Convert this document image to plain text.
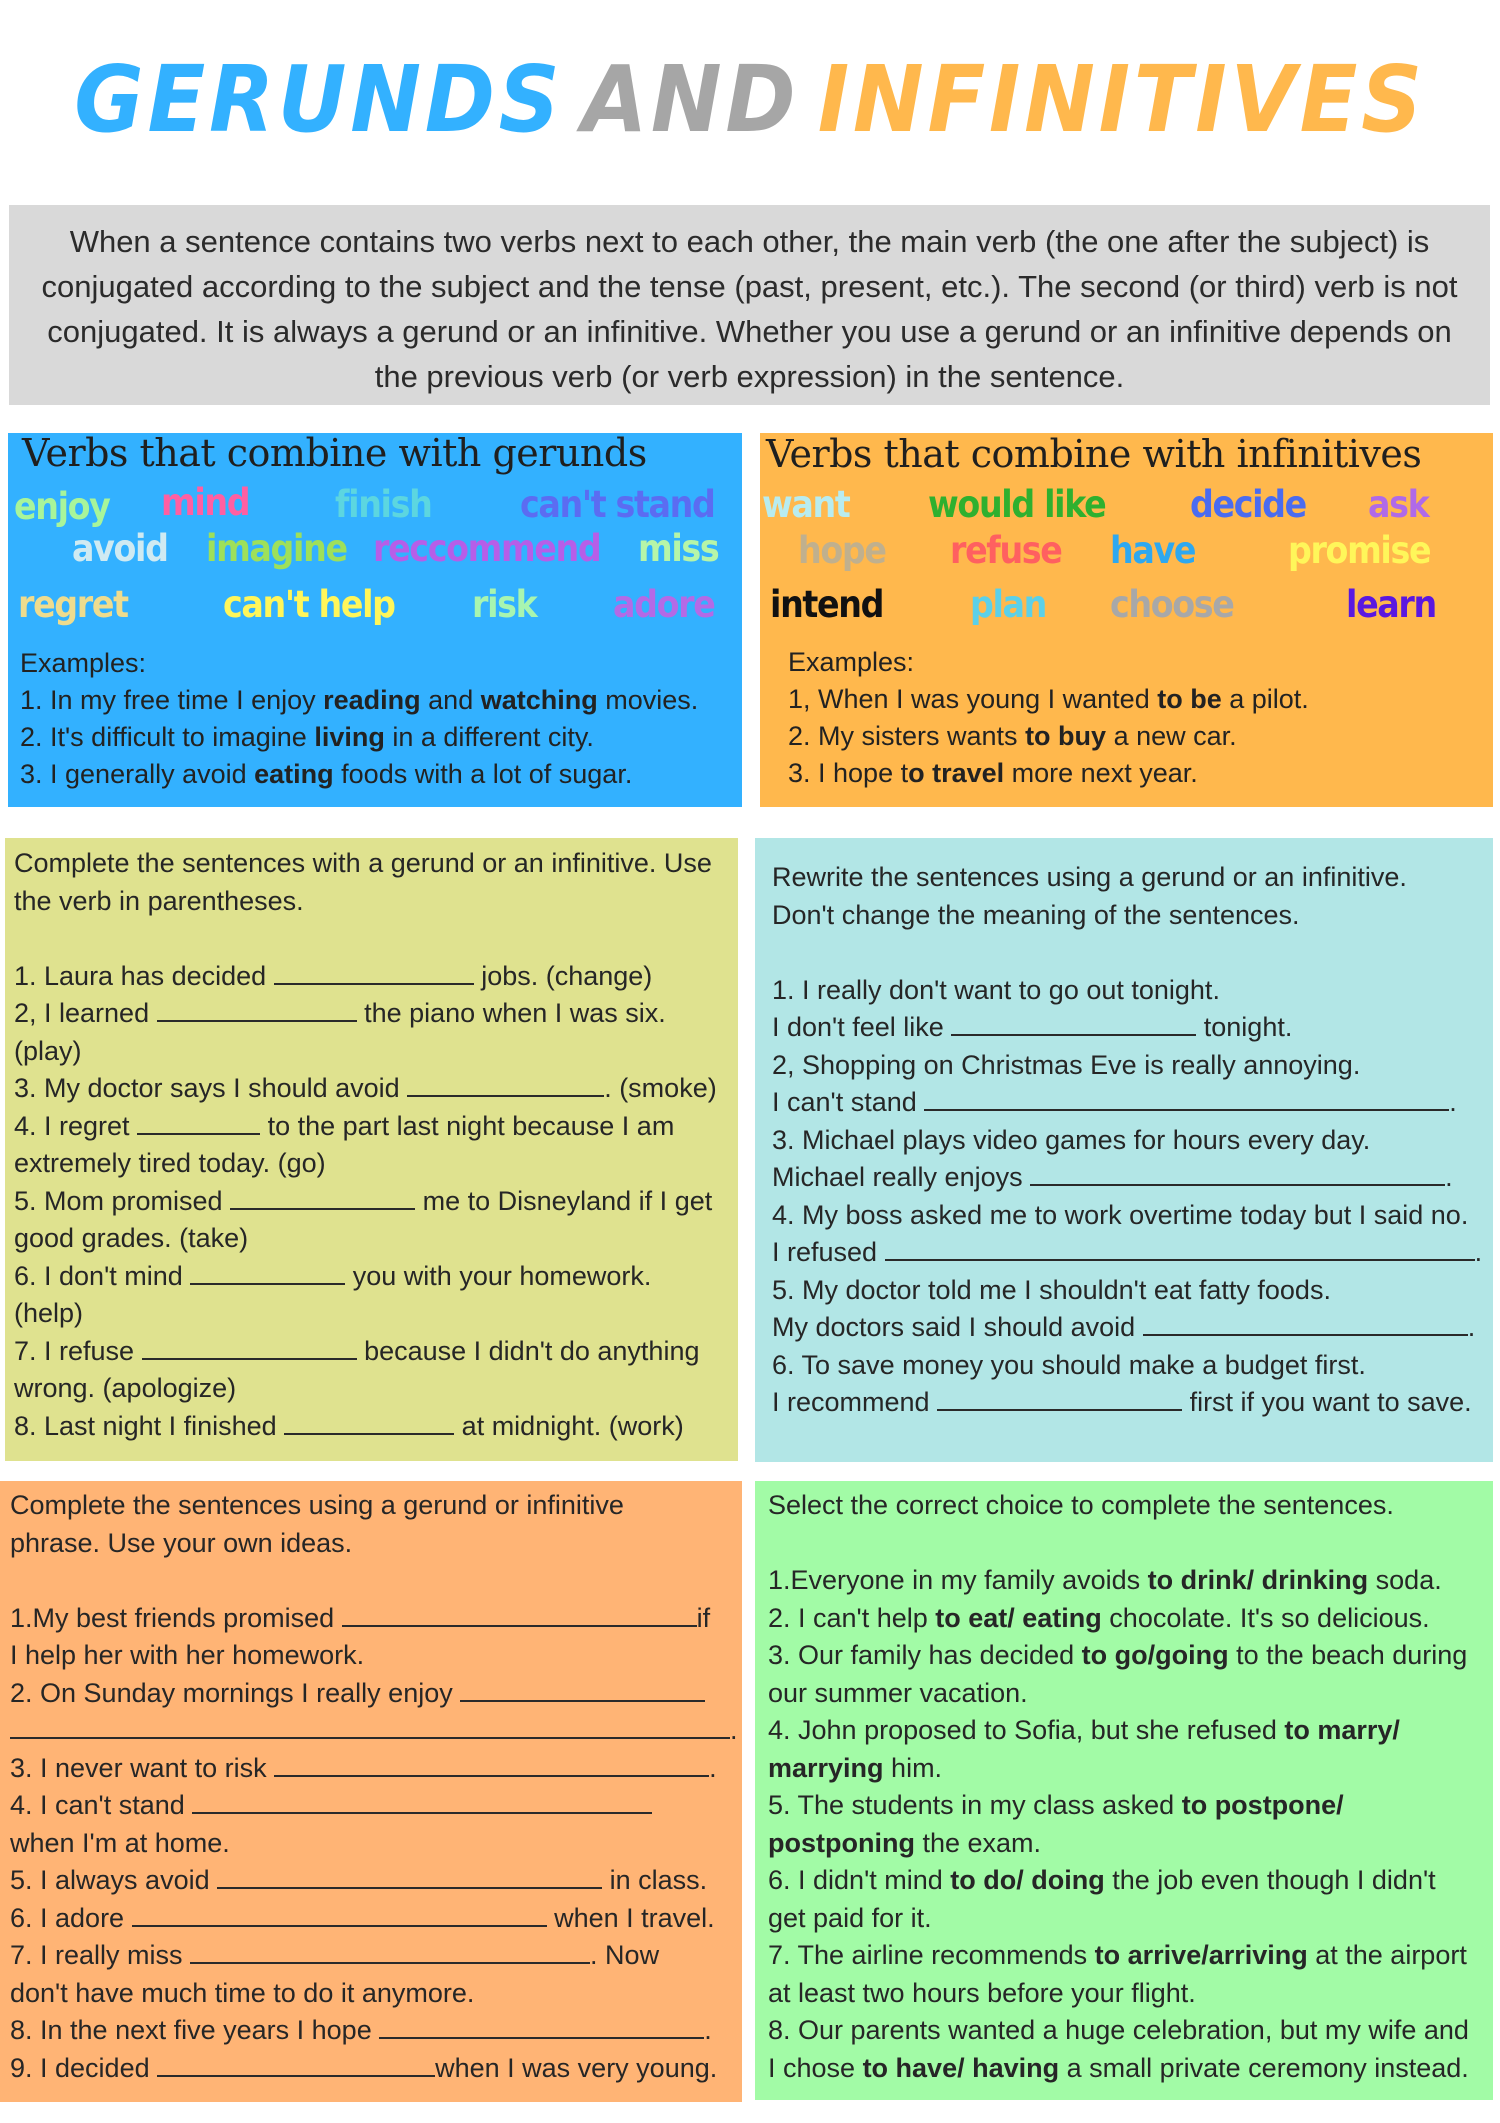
GERUNDS AND INFINITIVES
When a sentence contains two verbs next to each other, the main verb (the one after the subject) is conjugated according to the subject and the tense (past, present, etc.). The second (or third) verb is not conjugated. It is always a gerund or an infinitive. Whether you use a gerund or an infinitive depends on the previous verb (or verb expression) in the sentence.
Verbs that combine with gerunds
enjoy mind finish can't stand
avoid imagine reccommend miss
regret	can't help risk adore
Examples:
1. In my free time I enjoy reading and watching movies.
2. It's difficult to imagine living in a different city.
3. I generally avoid eating foods with a lot of sugar.
Verbs that combine with infinitives
want would like decide ask
hope refuse have	promise
intend plan choose	learn
Examples:
1, When I was young I wanted to be a pilot.
2. My sisters wants to buy a new car.
3. I hope to travel more next year.
Complete the sentences with a gerund or an infinitive. Use
the verb in parentheses.
1. Laura has decided	jobs. (change)
2, I learned	the piano when I was six.
(play)
3. My doctor says I should avoid	. (smoke)
4. I regret	to the part last night because I am
extremely tired today. (go)
5. Mom promised	me to Disneyland if I get
good grades. (take)
6. I don't mind	you with your homework.
(help)
7. I refuse	because I didn't do anything
wrong. (apologize)
8. Last night I finished	at midnight. (work)
Rewrite the sentences using a gerund or an infinitive.
Don't change the meaning of the sentences.
1. I really don't want to go out tonight.
I don't feel like	tonight.
2, Shopping on Christmas Eve is really annoying.
I can't stand	.
3. Michael plays video games for hours every day.
Michael really enjoys	.
4. My boss asked me to work overtime today but I said no.
I refused	.
5. My doctor told me I shouldn't eat fatty foods.
My doctors said I should avoid	.
6. To save money you should make a budget first.
I recommend	first if you want to save.
Complete the sentences using a gerund or infinitive
phrase. Use your own ideas.
1.My best friends promised	if
I help her with her homework.
2. On Sunday mornings I really enjoy
.
3. I never want to risk	.
4. I can't stand
when I'm at home.
5. I always avoid	in class.
6. I adore	when I travel.
7. I really miss	. Now
don't have much time to do it anymore.
8. In the next five years I hope	.
9. I decided	when I was very young.
Select the correct choice to complete the sentences.
1.Everyone in my family avoids to drink/ drinking soda.
2. I can't help to eat/ eating chocolate. It's so delicious.
3. Our family has decided to go/going to the beach during
our summer vacation.
4. John proposed to Sofia, but she refused to marry/
marrying him.
5. The students in my class asked to postpone/
postponing the exam.
6. I didn't mind to do/ doing the job even though I didn't
get paid for it.
7. The airline recommends to arrive/arriving at the airport
at least two hours before your flight.
8. Our parents wanted a huge celebration, but my wife and
I chose to have/ having a small private ceremony instead.
